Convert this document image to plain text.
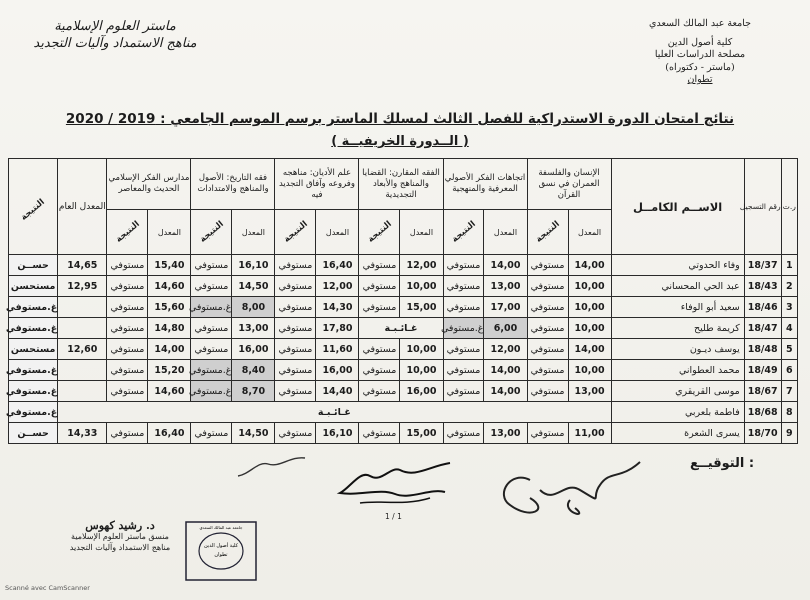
ماستر العلوم الإسلامية
مناهج الاستمداد وآليات التجديد
جامعة عبد المالك السعدي
كلية أصول الدين
مصلحة الدراسات العليا
(ماستر - دكتوراه)
تطوان
نتائج امتحان الدورة الاستدراكية للفصل الثالث لمسلك الماستر برسم الموسم الجامعي : 2019 / 2020
( الــدورة الخريفيــة )
ر.ت	رقم التسجيل	الاســم الكامــل	الإنسان والفلسفة العمران في نسق القرآن		اتجاهات الفكر الأصولي المعرفية والمنهجية		الفقه المقارن: القضايا والمناهج والأبعاد التجديدية		علم الأديان: مناهجه وفروعه وآفاق التجديد فيه		فقه التاريخ: الأصول والمناهج والامتدادات		مدارس الفكر الإسلامي الحديث والمعاصر		المعدل العام	النتيجة
			المعدل	النتيجة	المعدل	النتيجة	المعدل	النتيجة	المعدل	النتيجة	المعدل	النتيجة	المعدل	النتيجة		
1	18/37	وفاء الحدوتي	14,00	مستوفي	14,00	مستوفي	12,00	مستوفي	16,40	مستوفي	16,10	مستوفي	15,40	مستوفي	14,65	حســن
2	18/43	عبد الحي المحساني	10,00	مستوفي	13,00	مستوفي	10,00	مستوفي	12,00	مستوفي	14,50	مستوفي	14,60	مستوفي	12,95	مستحسن
3	18/46	سعيد أبو الوفاء	10,00	مستوفي	17,00	مستوفي	15,00	مستوفي	14,30	مستوفي	8,00	غ.مستوفي	15,60	مستوفي		غ.مستوفي
4	18/47	كريمة طليح	10,00	مستوفي	6,00	غ.مستوفي	غـائـبـة		17,80	مستوفي	13,00	مستوفي	14,80	مستوفي		غ.مستوفي
5	18/48	يوسف ديـون	14,00	مستوفي	12,00	مستوفي	10,00	مستوفي	11,60	مستوفي	16,00	مستوفي	14,00	مستوفي	12,60	مستحسن
6	18/49	محمد العطواني	10,00	مستوفي	14,00	مستوفي	10,00	مستوفي	16,00	مستوفي	8,40	غ.مستوفي	15,20	مستوفي		غ.مستوفي
7	18/67	موسى القريقري	13,00	مستوفي	14,00	مستوفي	16,00	مستوفي	14,40	مستوفي	8,70	غ.مستوفي	14,60	مستوفي		غ.مستوفي
8	18/68	فاطمة بلعربي	غـائـبـة													غ.مستوفي
9	18/70	يسرى الشعرة	11,00	مستوفي	13,00	مستوفي	15,00	مستوفي	16,10	مستوفي	14,50	مستوفي	16,40	مستوفي	14,33	حســن
التوقيــع :
عبد العزيز الهاكم
عبد الغني بوزياني
1 / 1
د. رشيد كهوس
منسق ماستر العلوم الإسلامية
مناهج الاستمداد وآليات التجديد	كلية أصول الدين
تطوان
جامعة عبد المالك السعدي
Scanné avec CamScanner
